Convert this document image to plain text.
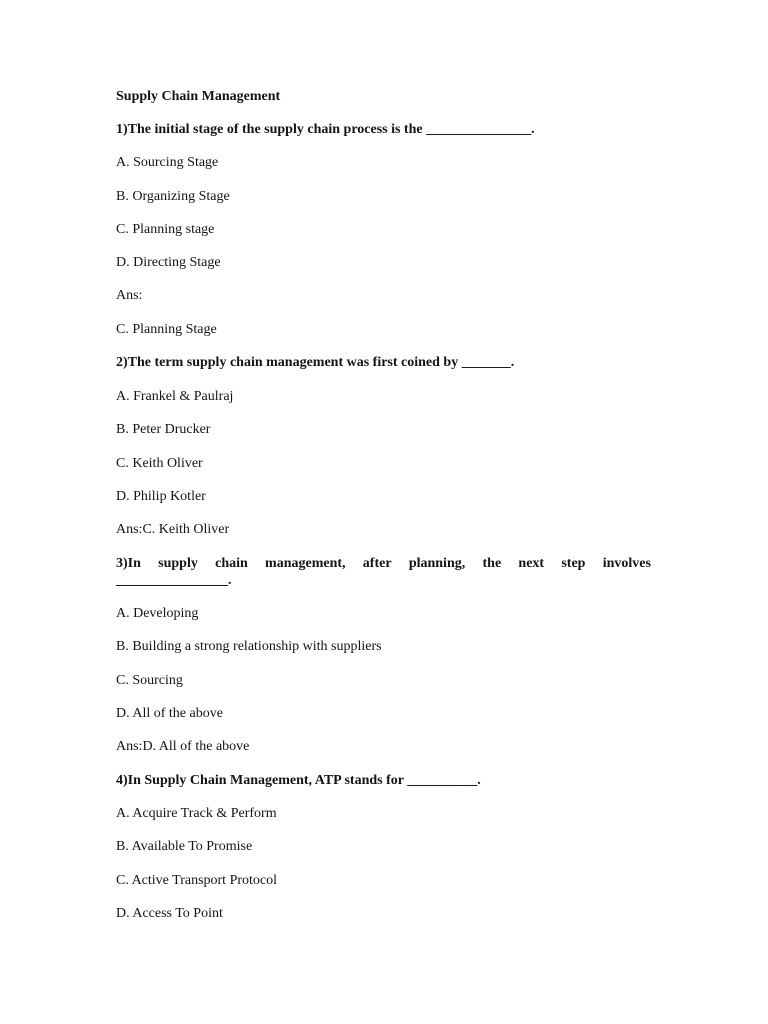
Supply Chain Management
1)The initial stage of the supply chain process is the _______________.
A. Sourcing Stage
B. Organizing Stage
C. Planning stage
D. Directing Stage
Ans:
C. Planning Stage
2)The term supply chain management was first coined by _______.
A. Frankel & Paulraj
B. Peter Drucker
C. Keith Oliver
D. Philip Kotler
Ans:C. Keith Oliver
3)In supply chain management, after planning, the next step involves
________________.
A. Developing
B. Building a strong relationship with suppliers
C. Sourcing
D. All of the above
Ans:D. All of the above
4)In Supply Chain Management, ATP stands for __________.
A. Acquire Track & Perform
B. Available To Promise
C. Active Transport Protocol
D. Access To Point
